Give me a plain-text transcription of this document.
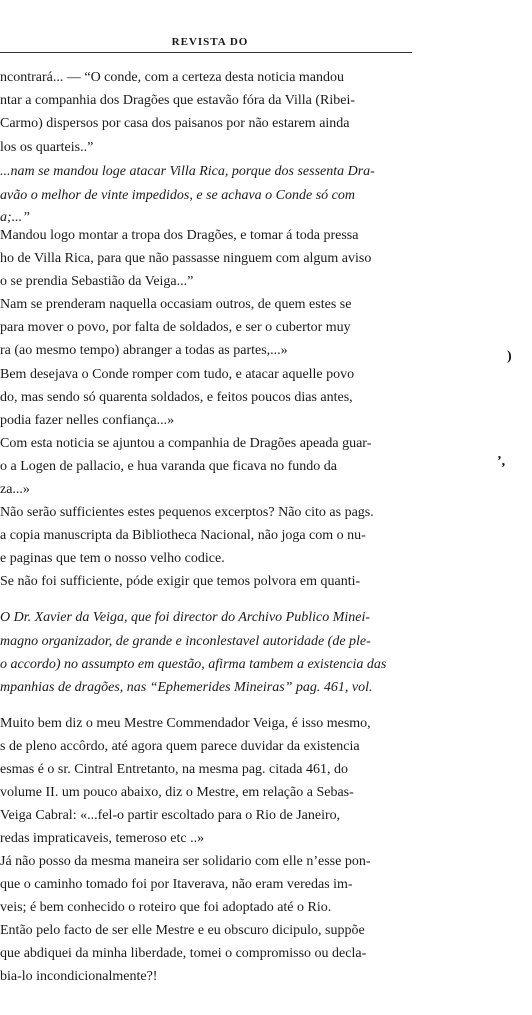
REVISTA DO
ncontrará... — “O conde, com a certeza desta noticia mandou
ntar a companhia dos Dragões que estavão fóra da Villa (Ribei-
Carmo) dispersos por casa dos paisanos por não estarem ainda
los os quarteis..”
...nam se mandou loge atacar Villa Rica, porque dos sessenta Dra-
avão o melhor de vinte impedidos, e se achava o Conde só com
a;...”
Mandou logo montar a tropa dos Dragões, e tomar á toda pressa
ho de Villa Rica, para que não passasse ninguem com algum aviso
o se prendia Sebastião da Veiga...”
Nam se prenderam naquella occasiam outros, de quem estes se
para mover o povo, por falta de soldados, e ser o cubertor muy
ra (ao mesmo tempo) abranger a todas as partes,...»
Bem desejava o Conde romper com tudo, e atacar aquelle povo
do, mas sendo só quarenta soldados, e feitos poucos dias antes,
podia fazer nelles confiança...»
Com esta noticia se ajuntou a companhia de Dragões apeada guar-
o a Logen de pallacio, e hua varanda que ficava no fundo da
za...»
Não serão sufficientes estes pequenos excerptos? Não cito as pags.
a copia manuscripta da Bibliotheca Nacional, não joga com o nu-
e paginas que tem o nosso velho codice.
Se não foi sufficiente, póde exigir que temos polvora em quanti-
O Dr. Xavier da Veiga, que foi director do Archivo Publico Minei-
magno organizador, de grande e inconlestavel autoridade (de ple-
o accordo) no assumpto em questão, afirma tambem a existencia das
mpanhias de dragões, nas “Ephemerides Mineiras” pag. 461, vol.
Muito bem diz o meu Mestre Commendador Veiga, é isso mesmo,
s de pleno accôrdo, até agora quem parece duvidar da existencia
esmas é o sr. Cintral Entretanto, na mesma pag. citada 461, do
volume II. um pouco abaixo, diz o Mestre, em relação a Sebas-
Veiga Cabral: «...fel-o partir escoltado para o Rio de Janeiro,
redas impraticaveis, temeroso etc ..»
Já não posso da mesma maneira ser solidario com elle n’esse pon-
que o caminho tomado foi por Itaverava, não eram veredas im-
veis; é bem conhecido o roteiro que foi adoptado até o Rio.
Então pelo facto de ser elle Mestre e eu obscuro dicipulo, suppõe
que abdiquei da minha liberdade, tomei o compromisso ou decla-
bia-lo incondicionalmente?!
)
’,
